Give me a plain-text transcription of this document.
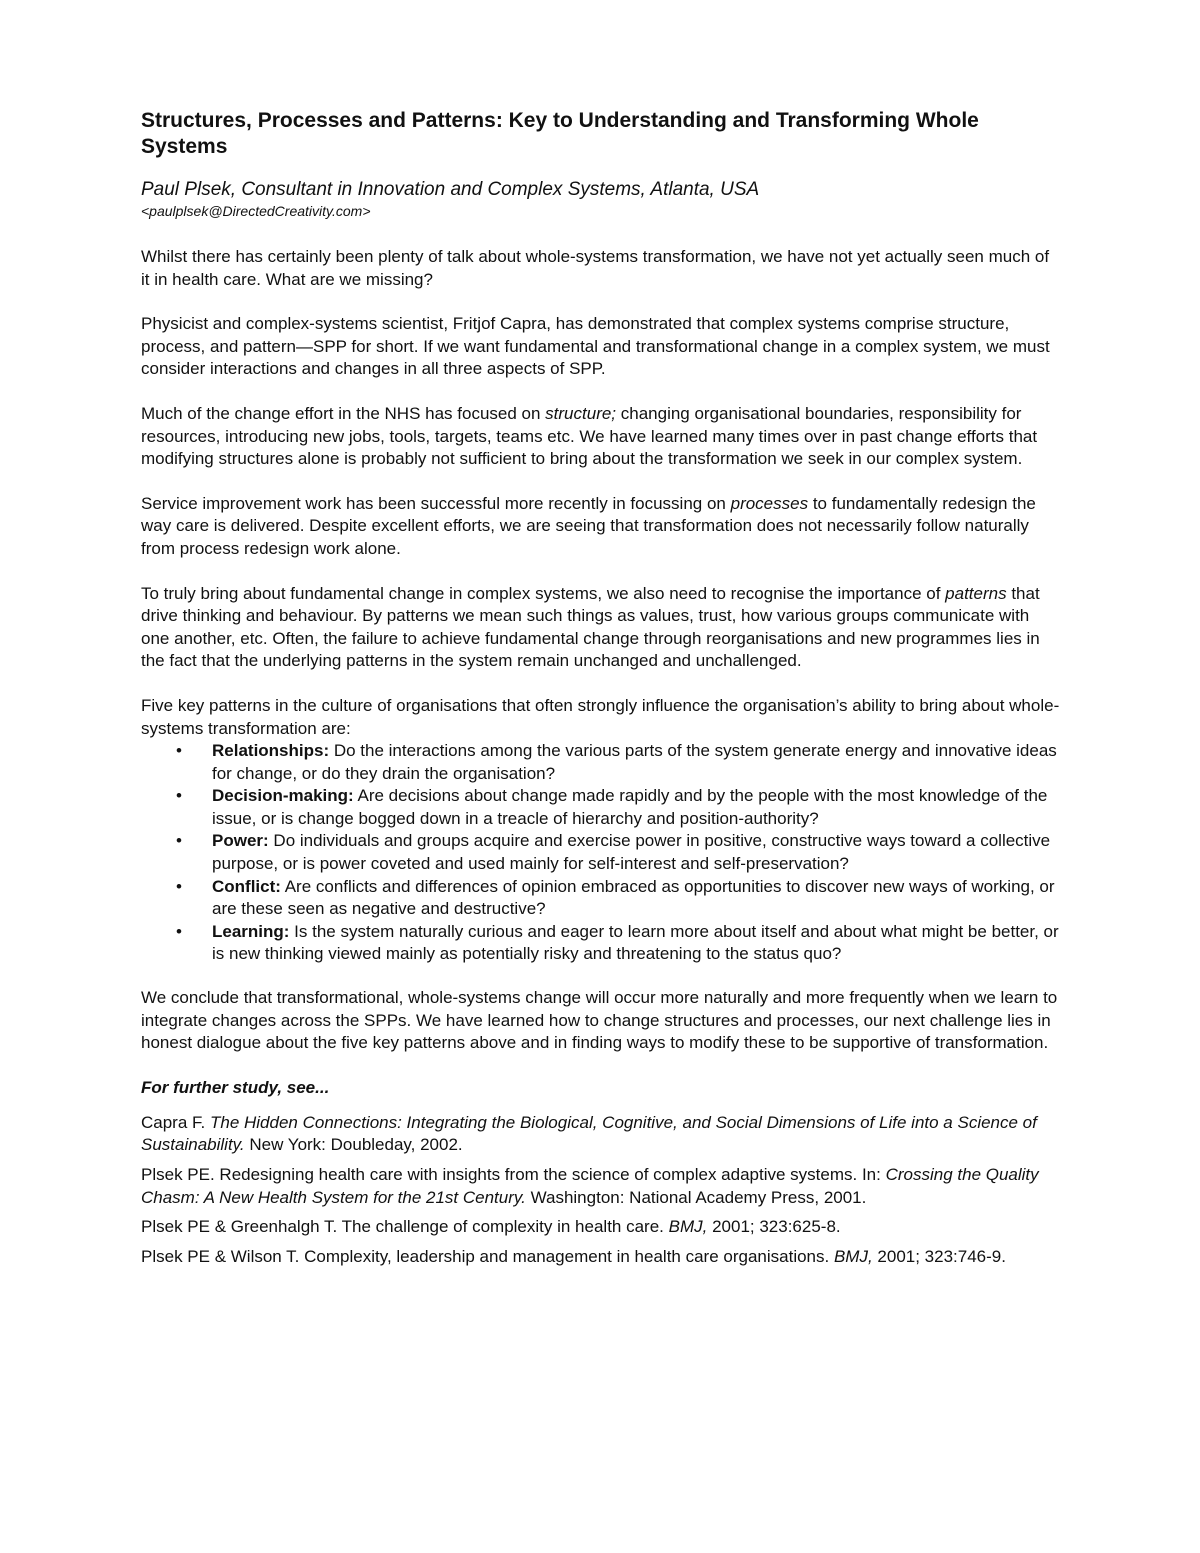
Structures, Processes and Patterns: Key to Understanding and Transforming Whole Systems

Paul Plsek, Consultant in Innovation and Complex Systems, Atlanta, USA

<paulplsek@DirectedCreativity.com>

Whilst there has certainly been plenty of talk about whole-systems transformation, we have not yet actually seen much of it in health care. What are we missing?

Physicist and complex-systems scientist, Fritjof Capra, has demonstrated that complex systems comprise structure, process, and pattern—SPP for short. If we want fundamental and transformational change in a complex system, we must consider interactions and changes in all three aspects of SPP.

Much of the change effort in the NHS has focused on structure; changing organisational boundaries, responsibility for resources, introducing new jobs, tools, targets, teams etc. We have learned many times over in past change efforts that modifying structures alone is probably not sufficient to bring about the transformation we seek in our complex system.

Service improvement work has been successful more recently in focussing on processes to fundamentally redesign the way care is delivered. Despite excellent efforts, we are seeing that transformation does not necessarily follow naturally from process redesign work alone.

To truly bring about fundamental change in complex systems, we also need to recognise the importance of patterns that drive thinking and behaviour. By patterns we mean such things as values, trust, how various groups communicate with one another, etc. Often, the failure to achieve fundamental change through reorganisations and new programmes lies in the fact that the underlying patterns in the system remain unchanged and unchallenged.

Five key patterns in the culture of organisations that often strongly influence the organisation’s ability to bring about whole-systems transformation are:

• Relationships: Do the interactions among the various parts of the system generate energy and innovative ideas for change, or do they drain the organisation?
• Decision-making: Are decisions about change made rapidly and by the people with the most knowledge of the issue, or is change bogged down in a treacle of hierarchy and position-authority?
• Power: Do individuals and groups acquire and exercise power in positive, constructive ways toward a collective purpose, or is power coveted and used mainly for self-interest and self-preservation?
• Conflict: Are conflicts and differences of opinion embraced as opportunities to discover new ways of working, or are these seen as negative and destructive?
• Learning: Is the system naturally curious and eager to learn more about itself and about what might be better, or is new thinking viewed mainly as potentially risky and threatening to the status quo?

We conclude that transformational, whole-systems change will occur more naturally and more frequently when we learn to integrate changes across the SPPs. We have learned how to change structures and processes, our next challenge lies in honest dialogue about the five key patterns above and in finding ways to modify these to be supportive of transformation.

For further study, see...

Capra F. The Hidden Connections: Integrating the Biological, Cognitive, and Social Dimensions of Life into a Science of Sustainability. New York: Doubleday, 2002.

Plsek PE. Redesigning health care with insights from the science of complex adaptive systems. In: Crossing the Quality Chasm: A New Health System for the 21st Century. Washington: National Academy Press, 2001.

Plsek PE & Greenhalgh T. The challenge of complexity in health care. BMJ, 2001; 323:625-8.

Plsek PE & Wilson T. Complexity, leadership and management in health care organisations. BMJ, 2001; 323:746-9.
